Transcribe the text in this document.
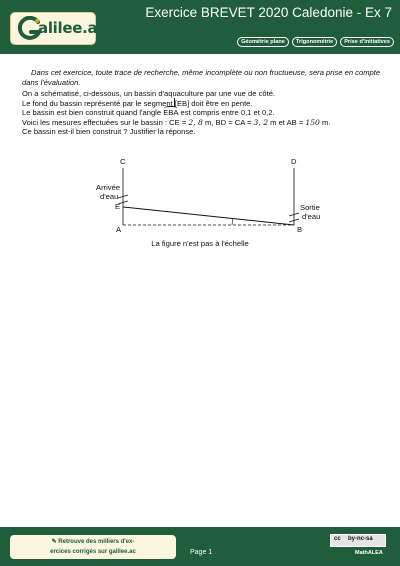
alilee.ac
Exercice BREVET 2020 Caledonie - Ex 7
Géométrie plane	Trigonométrie	Prise d'initiatives
Dans cet exercice, toute trace de recherche, même incomplète ou non fructueuse, sera prise en compte dans l'évaluation.

On a schématisé, ci-dessous, un bassin d'aquaculture par une vue de côté.

Le fond du bassin représenté par le segment [EB] doit être en pente.

Le bassin est bien construit quand l'angle EBA est compris entre 0,1 et 0,2.

Voici les mesures effectuées sur le bassin : CE = 2, 8 m, BD = CA = 3, 2 m et AB = 150 m.

Ce bassin est-il bien construit ? Justifier la réponse.

C	D
Arrivée
d'eau
E	Sortie
d'eau
A	B
La figure n'est pas à l'échelle
✎ Retrouve des milliers d'ex-
ercices corrigés sur galilee.ac	Page 1
cc by-nc-sa
MathALEA
